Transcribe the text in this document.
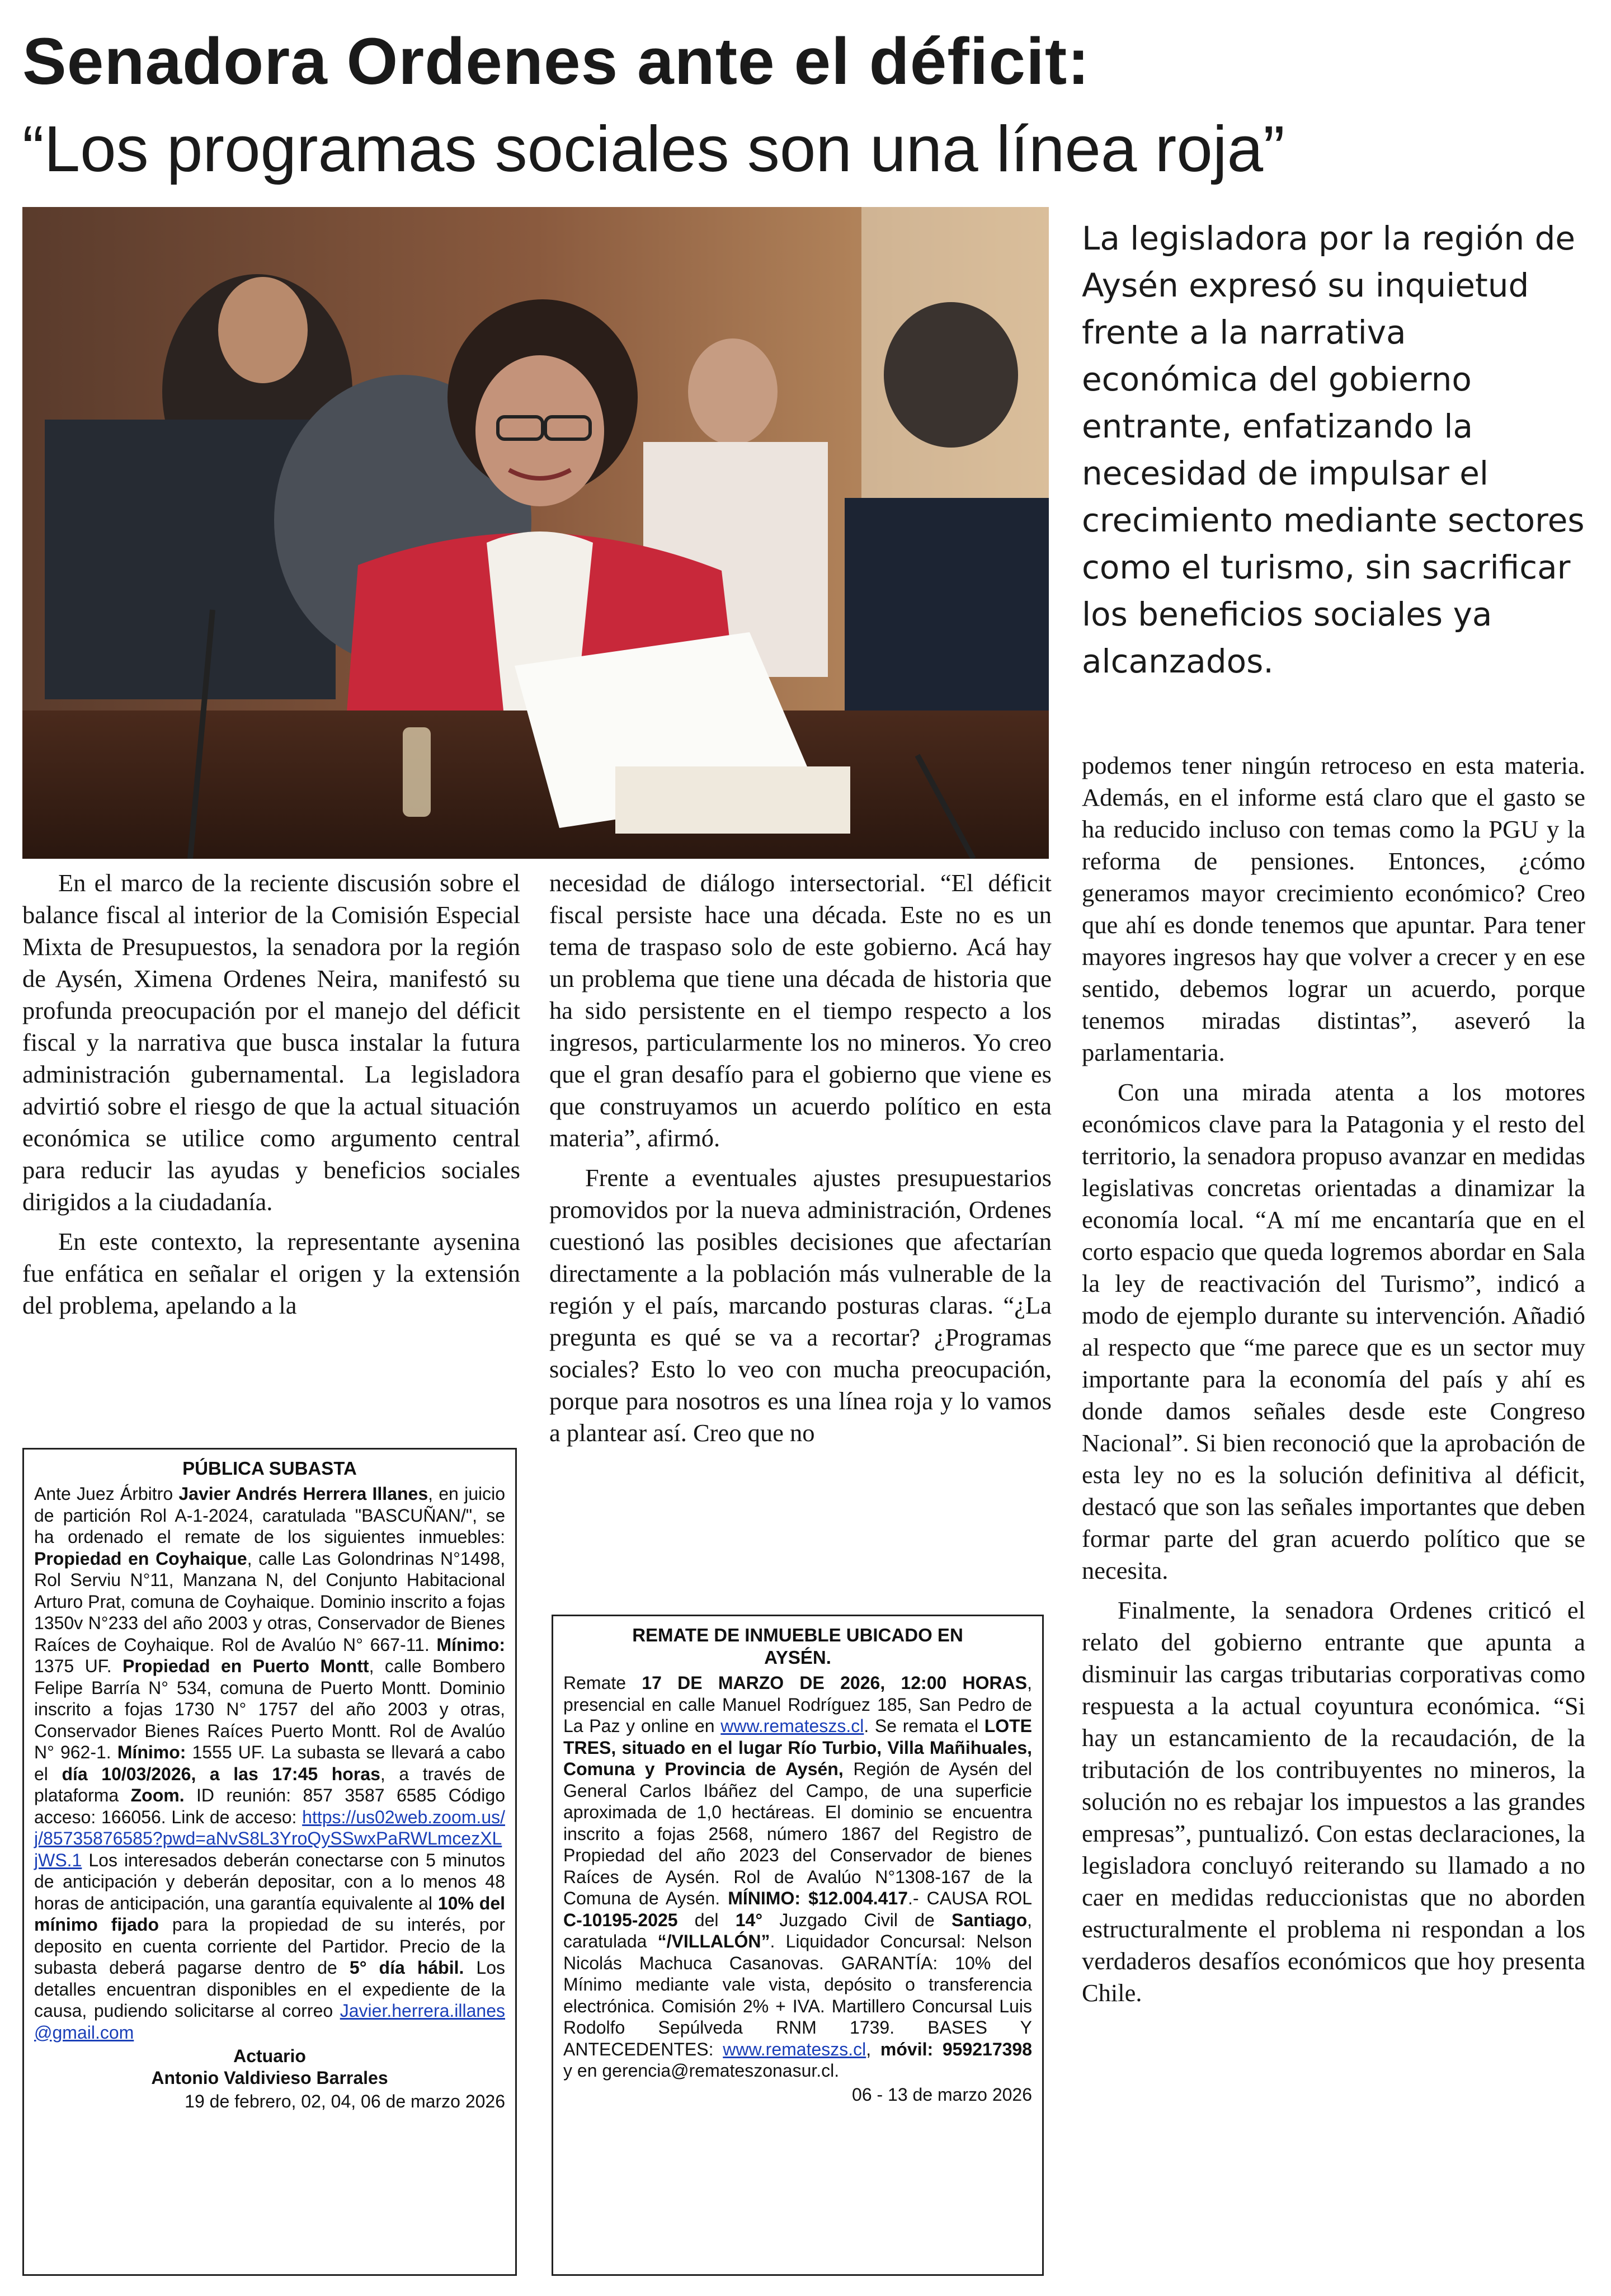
Senadora Ordenes ante el déficit:
“Los programas sociales son una línea roja”
La legisladora por la región de Aysén expresó su inquietud frente a la narrativa económica del gobierno entrante, enfatizando la necesidad de impulsar el crecimiento mediante sectores como el turismo, sin sacrificar los beneficios sociales ya alcanzados.

En el marco de la reciente discusión sobre el balance fiscal al interior de la Comisión Especial Mixta de Presupuestos, la senadora por la región de Aysén, Ximena Ordenes Neira, manifestó su profunda preocupación por el manejo del déficit fiscal y la narrativa que busca instalar la futura administración gubernamental. La legisladora advirtió sobre el riesgo de que la actual situación económica se utilice como argumento central para reducir las ayudas y beneficios sociales dirigidos a la ciudadanía.

En este contexto, la representante aysenina fue enfática en señalar el origen y la extensión del problema, apelando a la

necesidad de diálogo intersectorial. “El déficit fiscal persiste hace una década. Este no es un tema de traspaso solo de este gobierno. Acá hay un problema que tiene una década de historia que ha sido persistente en el tiempo respecto a los ingresos, particularmente los no mineros. Yo creo que el gran desafío para el gobierno que viene es que construyamos un acuerdo político en esta materia”, afirmó.

Frente a eventuales ajustes presupuestarios promovidos por la nueva administración, Ordenes cuestionó las posibles decisiones que afectarían directamente a la población más vulnerable de la región y el país, marcando posturas claras. “¿La pregunta es qué se va a recortar? ¿Programas sociales? Esto lo veo con mucha preocupación, porque para nosotros es una línea roja y lo vamos a plantear así. Creo que no

podemos tener ningún retroceso en esta materia. Además, en el informe está claro que el gasto se ha reducido incluso con temas como la PGU y la reforma de pensiones. Entonces, ¿cómo generamos mayor crecimiento económico? Creo que ahí es donde tenemos que apuntar. Para tener mayores ingresos hay que volver a crecer y en ese sentido, debemos lograr un acuerdo, porque tenemos miradas distintas”, aseveró la parlamentaria.

Con una mirada atenta a los motores económicos clave para la Patagonia y el resto del territorio, la senadora propuso avanzar en medidas legislativas concretas orientadas a dinamizar la economía local. “A mí me encantaría que en el corto espacio que queda logremos abordar en Sala la ley de reactivación del Turismo”, indicó a modo de ejemplo durante su intervención. Añadió al respecto que “me parece que es un sector muy importante para la economía del país y ahí es donde damos señales desde este Congreso Nacional”. Si bien reconoció que la aprobación de esta ley no es la solución definitiva al déficit, destacó que son las señales importantes que deben formar parte del gran acuerdo político que se necesita.

Finalmente, la senadora Ordenes criticó el relato del gobierno entrante que apunta a disminuir las cargas tributarias corporativas como respuesta a la actual coyuntura económica. “Si hay un estancamiento de la recaudación, de la tributación de los contribuyentes no mineros, la solución no es rebajar los impuestos a las grandes empresas”, puntualizó. Con estas declaraciones, la legisladora concluyó reiterando su llamado a no caer en medidas reduccionistas que no aborden estructuralmente el problema ni respondan a los verdaderos desafíos económicos que hoy presenta Chile.

PÚBLICA SUBASTA

Ante Juez Árbitro Javier Andrés Herrera Illanes, en juicio de partición Rol A-1-2024, caratulada "BASCUÑAN/", se ha ordenado el remate de los siguientes inmuebles: Propiedad en Coyhaique, calle Las Golondrinas N°1498, Rol Serviu N°11, Manzana N, del Conjunto Habitacional Arturo Prat, comuna de Coyhaique. Dominio inscrito a fojas 1350v N°233 del año 2003 y otras, Conservador de Bienes Raíces de Coyhaique. Rol de Avalúo N° 667-11. Mínimo: 1375 UF. Propiedad en Puerto Montt, calle Bombero Felipe Barría N° 534, comuna de Puerto Montt. Dominio inscrito a fojas 1730 N° 1757 del año 2003 y otras, Conservador Bienes Raíces Puerto Montt. Rol de Avalúo N° 962-1. Mínimo: 1555 UF. La subasta se llevará a cabo el día 10/03/2026, a las 17:45 horas, a través de plataforma Zoom. ID reunión: 857 3587 6585 Código acceso: 166056. Link de acceso: https://us02web.zoom.us/j/85735876585?pwd=aNvS8L3YroQySSwxPaRWLmcezXLjWS.1 Los interesados deberán conectarse con 5 minutos de anticipación y deberán depositar, con a lo menos 48 horas de anticipación, una garantía equivalente al 10% del mínimo fijado para la propiedad de su interés, por deposito en cuenta corriente del Partidor. Precio de la subasta deberá pagarse dentro de 5° día hábil. Los detalles encuentran disponibles en el expediente de la causa, pudiendo solicitarse al correo Javier.herrera.illanes@gmail.com

Actuario

Antonio Valdivieso Barrales

19 de febrero, 02, 04, 06 de marzo 2026

REMATE DE INMUEBLE UBICADO EN AYSÉN.

Remate 17 DE MARZO DE 2026, 12:00 HORAS, presencial en calle Manuel Rodríguez 185, San Pedro de La Paz y online en www.remateszs.cl. Se remata el LOTE TRES, situado en el lugar Río Turbio, Villa Mañihuales, Comuna y Provincia de Aysén, Región de Aysén del General Carlos Ibáñez del Campo, de una superficie aproximada de 1,0 hectáreas. El dominio se encuentra inscrito a fojas 2568, número 1867 del Registro de Propiedad del año 2023 del Conservador de bienes Raíces de Aysén. Rol de Avalúo N°1308-167 de la Comuna de Aysén. MÍNIMO: $12.004.417.- CAUSA ROL C-10195-2025 del 14° Juzgado Civil de Santiago, caratulada “/VILLALÓN”. Liquidador Concursal: Nelson Nicolás Machuca Casanovas. GARANTÍA: 10% del Mínimo mediante vale vista, depósito o transferencia electrónica. Comisión 2% + IVA. Martillero Concursal Luis Rodolfo Sepúlveda RNM 1739. BASES Y ANTECEDENTES: www.remateszs.cl, móvil: 959217398 y en gerencia@remateszonasur.cl.

06 - 13 de marzo 2026
